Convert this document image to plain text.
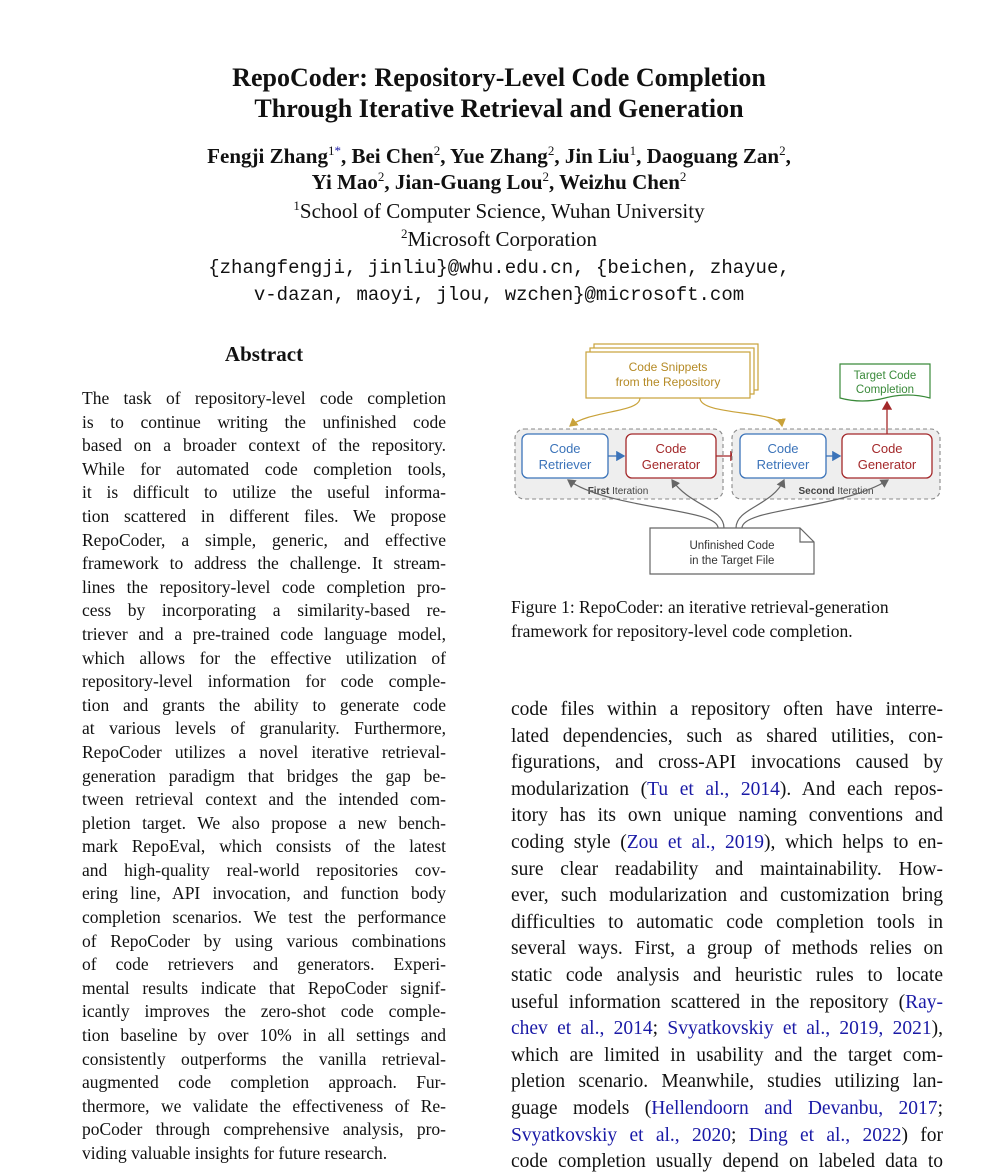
RepoCoder: Repository-Level Code Completion
Through Iterative Retrieval and Generation
Fengji Zhang$^{1*}$, Bei Chen$^2$, Yue Zhang$^2$, Jin Liu$^1$, Daoguang Zan$^2$,
Yi Mao$^2$, Jian-Guang Lou$^2$, Weizhu Chen$^2$
$^1$School of Computer Science, Wuhan University
$^2$Microsoft Corporation
{zhangfengji, jinliu}@whu.edu.cn, {beichen, zhayue,
v-dazan, maoyi, jlou, wzchen}@microsoft.com
Abstract
The task of repository-level code completion
is to continue writing the unfinished code
based on a broader context of the repository.
While for automated code completion tools,
it is difficult to utilize the useful informa-
tion scattered in different files. We propose
RepoCoder, a simple, generic, and effective
framework to address the challenge. It stream-
lines the repository-level code completion pro-
cess by incorporating a similarity-based re-
triever and a pre-trained code language model,
which allows for the effective utilization of
repository-level information for code comple-
tion and grants the ability to generate code
at various levels of granularity. Furthermore,
RepoCoder utilizes a novel iterative retrieval-
generation paradigm that bridges the gap be-
tween retrieval context and the intended com-
pletion target. We also propose a new bench-
mark RepoEval, which consists of the latest
and high-quality real-world repositories cov-
ering line, API invocation, and function body
completion scenarios. We test the performance
of RepoCoder by using various combinations
of code retrievers and generators. Experi-
mental results indicate that RepoCoder signif-
icantly improves the zero-shot code comple-
tion baseline by over 10% in all settings and
consistently outperforms the vanilla retrieval-
augmented code completion approach. Fur-
thermore, we validate the effectiveness of Re-
poCoder through comprehensive analysis, pro-
viding valuable insights for future research.
Code Snippets
from the Repository	Target Code
Completion
Code
Retriever
Code
Generator
First Iteration
Code
Retriever
Code
Generator
Second Iteration
Unfinished Code
in the Target File
Figure 1: RepoCoder: an iterative retrieval-generation
framework for repository-level code completion.
code files within a repository often have interre-
lated dependencies, such as shared utilities, con-
figurations, and cross-API invocations caused by
modularization (Tu et al., 2014). And each repos-
itory has its own unique naming conventions and
coding style (Zou et al., 2019), which helps to en-
sure clear readability and maintainability. How-
ever, such modularization and customization bring
difficulties to automatic code completion tools in
several ways. First, a group of methods relies on
static code analysis and heuristic rules to locate
useful information scattered in the repository (Ray-
chev et al., 2014; Svyatkovskiy et al., 2019, 2021),
which are limited in usability and the target com-
pletion scenario. Meanwhile, studies utilizing lan-
guage models (Hellendoorn and Devanbu, 2017;
Svyatkovskiy et al., 2020; Ding et al., 2022) for
code completion usually depend on labeled data to
